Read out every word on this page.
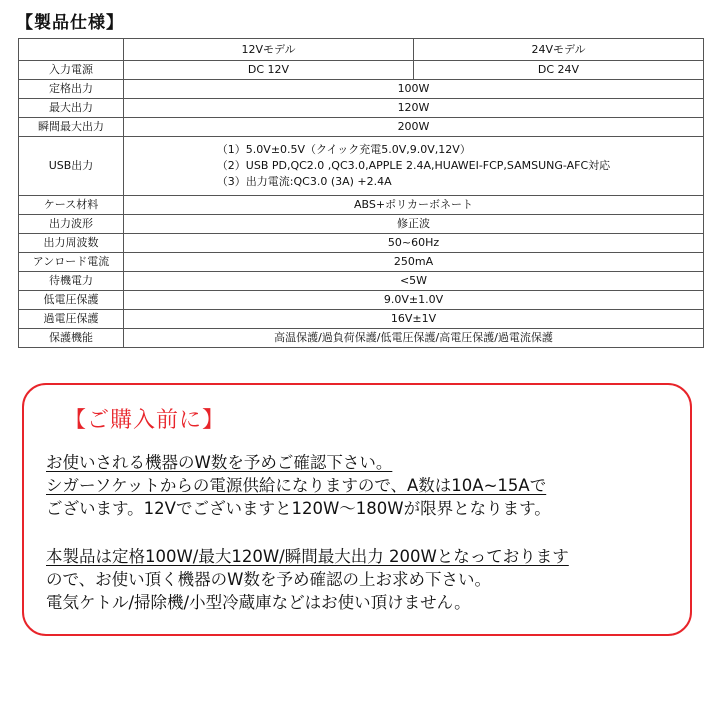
【製品仕様】
	12Vモデル	24Vモデル
入力電源	DC 12V	DC 24V
定格出力	100W	
最大出力	120W	
瞬間最大出力	200W	
USB出力	（1）5.0V±0.5V（クイック充電5.0V,9.0V,12V）
（2）USB PD,QC2.0 ,QC3.0,APPLE 2.4A,HUAWEI-FCP,SAMSUNG-AFC対応
（3）出力電流:QC3.0 (3A) +2.4A	

ケース材料	ABS+ポリカーボネート	
出力波形	修正波	
出力周波数	50~60Hz	
アンロード電流	250mA	
待機電力	<5W	
低電圧保護	9.0V±1.0V	
過電圧保護	16V±1V	
保護機能	高温保護/過負荷保護/低電圧保護/高電圧保護/過電流保護	
【ご購入前に】
お使いされる機器のW数を予めご確認下さい。
シガーソケットからの電源供給になりますので、A数は10A~15Aで
ございます。12Vでございますと120W～180Wが限界となります。
本製品は定格100W/最大120W/瞬間最大出力 200Wとなっております
ので、お使い頂く機器のW数を予め確認の上お求め下さい。
電気ケトル/掃除機/小型冷蔵庫などはお使い頂けません。
